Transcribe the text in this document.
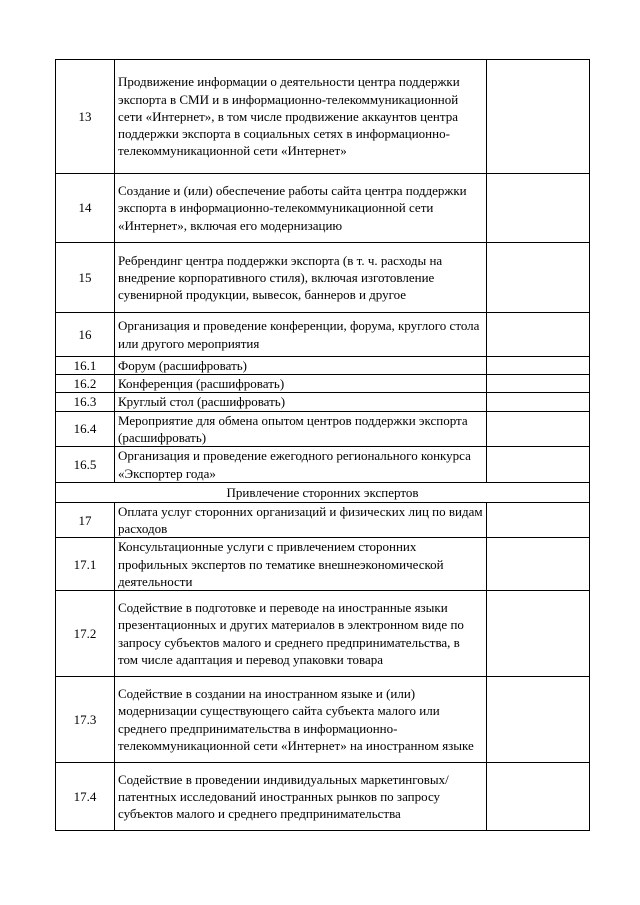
13	Продвижение информации о деятельности центра поддержки экспорта в СМИ и в информационно-телекоммуникационной сети «Интернет», в том числе продвижение аккаунтов центра поддержки экспорта в социальных сетях в информационно-телекоммуникационной сети «Интернет»	
14	Создание и (или) обеспечение работы сайта центра поддержки экспорта в информационно-телекоммуникационной сети «Интернет», включая его модернизацию	
15	Ребрендинг центра поддержки экспорта (в т. ч. расходы на внедрение корпоративного стиля), включая изготовление сувенирной продукции, вывесок, баннеров и другое	
16	Организация и проведение конференции, форума, круглого стола или другого мероприятия	
16.1	Форум (расшифровать)	
16.2	Конференция (расшифровать)	
16.3	Круглый стол (расшифровать)	
16.4	Мероприятие для обмена опытом центров поддержки экспорта (расшифровать)	
16.5	Организация и проведение ежегодного регионального конкурса «Экспортер года»	
Привлечение сторонних экспертов		
17	Оплата услуг сторонних организаций и физических лиц по видам расходов	
17.1	Консультационные услуги с привлечением сторонних профильных экспертов по тематике внешнеэкономической деятельности	
17.2	Содействие в подготовке и переводе на иностранные языки презентационных и других материалов в электронном виде по запросу субъектов малого и среднего предпринимательства, в том числе адаптация и перевод упаковки товара	
17.3	Содействие в создании на иностранном языке и (или) модернизации существующего сайта субъекта малого или среднего предпринимательства в информационно-телекоммуникационной сети «Интернет» на иностранном языке	
17.4	Содействие в проведении индивидуальных маркетинговых/ патентных исследований иностранных рынков по запросу субъектов малого и среднего предпринимательства	
